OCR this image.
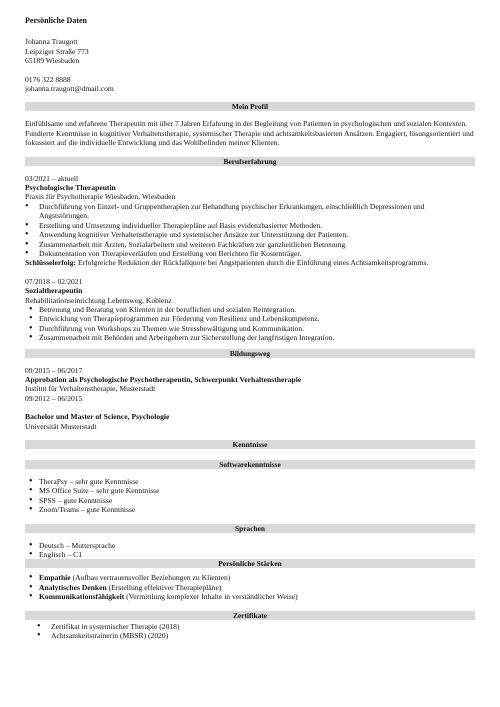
Persönliche Daten
Johanna Traugott
Leipziger Straße 773
65189 Wiesbaden
0176 322 8888
johanna.traugott@dmail.com
Mein Profil
Einfühlsame und erfahrene Therapeutin mit über 7 Jahren Erfahrung in der Begleitung von Patienten in psychologischen und sozialen Kontexten. Fundierte Kenntnisse in kognitiver Verhaltenstherapie, systemischer Therapie und achtsamkeitsbasierten Ansätzen. Engagiert, lösungsorientiert und fokussiert auf die individuelle Entwicklung und das Wohlbefinden meiner Klienten.
Berufserfahrung
03/2021 – aktuell
Psychologische Therapeutin
Praxis für Psychotherapie Wiesbaden, Wiesbaden
• Durchführung von Einzel- und Gruppentherapien zur Behandlung psychischer Erkrankungen, einschließlich Depressionen und Angststörungen.
• Erstellung und Umsetzung individueller Therapiepläne auf Basis evidenzbasierter Methoden.
• Anwendung kognitiver Verhaltenstherapie und systemischer Ansätze zur Unterstützung der Patienten.
• Zusammenarbeit mit Ärzten, Sozialarbeitern und weiteren Fachkräften zur ganzheitlichen Betreuung.
• Dokumentation von Therapieverläufen und Erstellung von Berichten für Kostenträger.
Schlüsselerfolg: Erfolgreiche Reduktion der Rückfallquote bei Angstpatienten durch die Einführung eines Achtsamkeitsprogramms.
07/2018 – 02/2021
Sozialtherapeutin
Rehabilitationseinrichtung Lebensweg, Koblenz
• Betreuung und Beratung von Klienten in der beruflichen und sozialen Reintegration.
• Entwicklung von Therapieprogrammen zur Förderung von Resilienz und Lebenskompetenz.
• Durchführung von Workshops zu Themen wie Stressbewältigung und Kommunikation.
• Zusammenarbeit mit Behörden und Arbeitgebern zur Sicherstellung der langfristigen Integration.
Bildungsweg
09/2015 – 06/2017
Approbation als Psychologische Psychotherapeutin, Schwerpunkt Verhaltenstherapie
Institut für Verhaltenstherapie, Musterstadt
09/2012 – 06/2015
Bachelor und Master of Science, Psychologie
Universität Musterstadt
Kenntnisse
Softwarekenntnisse
• TheraPsy – sehr gute Kenntnisse
• MS Office Suite – sehr gute Kenntnisse
• SPSS – gute Kenntnisse
• Zoom/Teams – gute Kenntnisse
Sprachen
• Deutsch – Muttersprache
• Englisch – C1
Persönliche Stärken
• Empathie (Aufbau vertrauensvoller Beziehungen zu Klienten)
• Analytisches Denken (Erstellung effektiver Therapiepläne)
• Kommunikationsfähigkeit (Vermittlung komplexer Inhalte in verständlicher Weise)
Zertifikate
• Zertifikat in systemischer Therapie (2018)
• Achtsamkeitstrainerin (MBSR) (2020)
